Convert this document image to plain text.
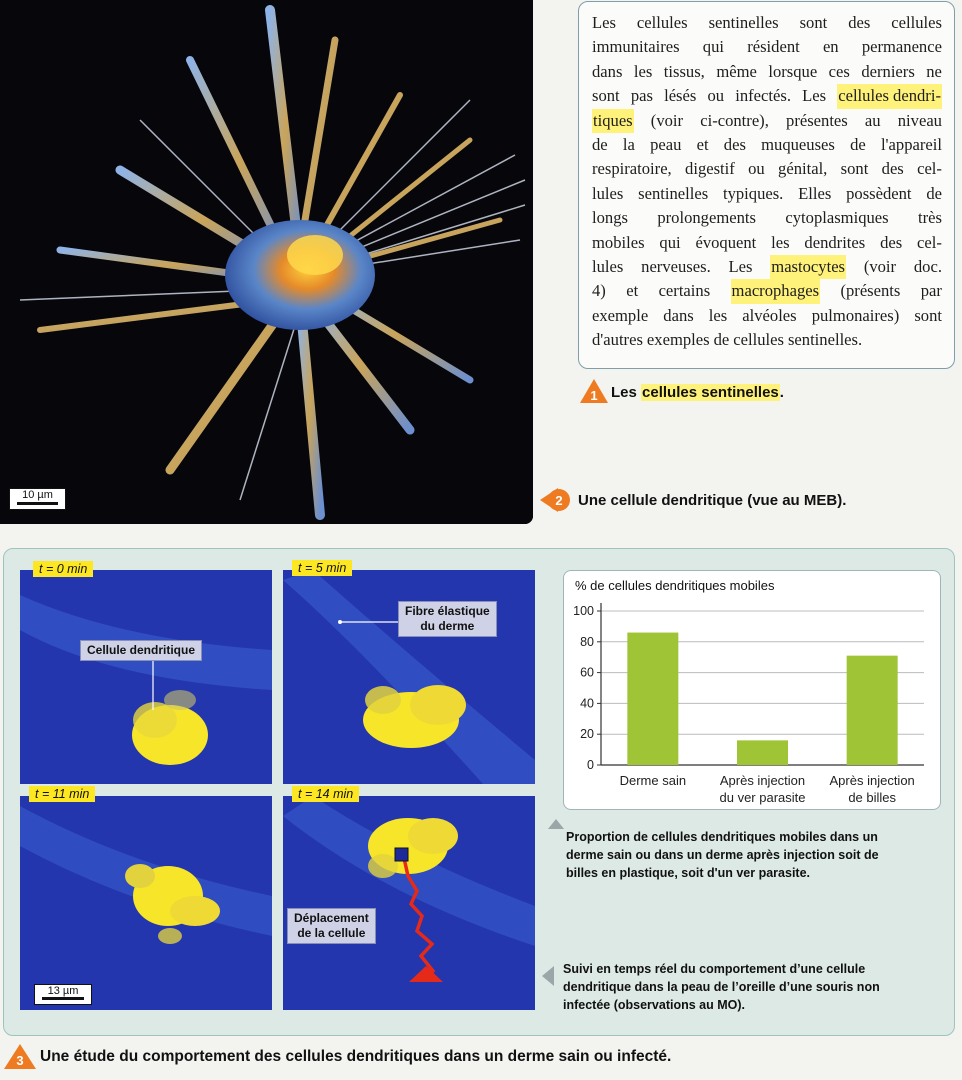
10 µm
Les cellules sentinelles sont des cellules
immunitaires qui résident en permanence
dans les tissus, même lorsque ces derniers ne
sont pas lésés ou infectés. Les cellules dendri-
tiques (voir ci-contre), présentes au niveau
de la peau et des muqueuses de l'appareil
respiratoire, digestif ou génital, sont des cel-
lules sentinelles typiques. Elles possèdent de
longs prolongements cytoplasmiques très
mobiles qui évoquent les dendrites des cel-
lules nerveuses. Les mastocytes (voir doc.
4) et certains macrophages (présents par
exemple dans les alvéoles pulmonaires) sont
d'autres exemples de cellules sentinelles.
1 Les cellules sentinelles.
2 Une cellule dendritique (vue au MEB).
t = 0 min
Cellule dendritique
t = 5 min
Fibre élastique
du derme
t = 11 min	t = 14 min
Déplacement
de la cellule
13 µm
% de cellules dendritiques mobiles
0
20
40
60
80
100
Derme sain	Après injection
du ver parasite
Après injection
de billes
Proportion de cellules dendritiques mobiles dans un
derme sain ou dans un derme après injection soit de
billes en plastique, soit d'un ver parasite.
Suivi en temps réel du comportement d’une cellule
dendritique dans la peau de l’oreille d’une souris non
infectée (observations au MO).
3 Une étude du comportement des cellules dendritiques dans un derme sain ou infecté.
